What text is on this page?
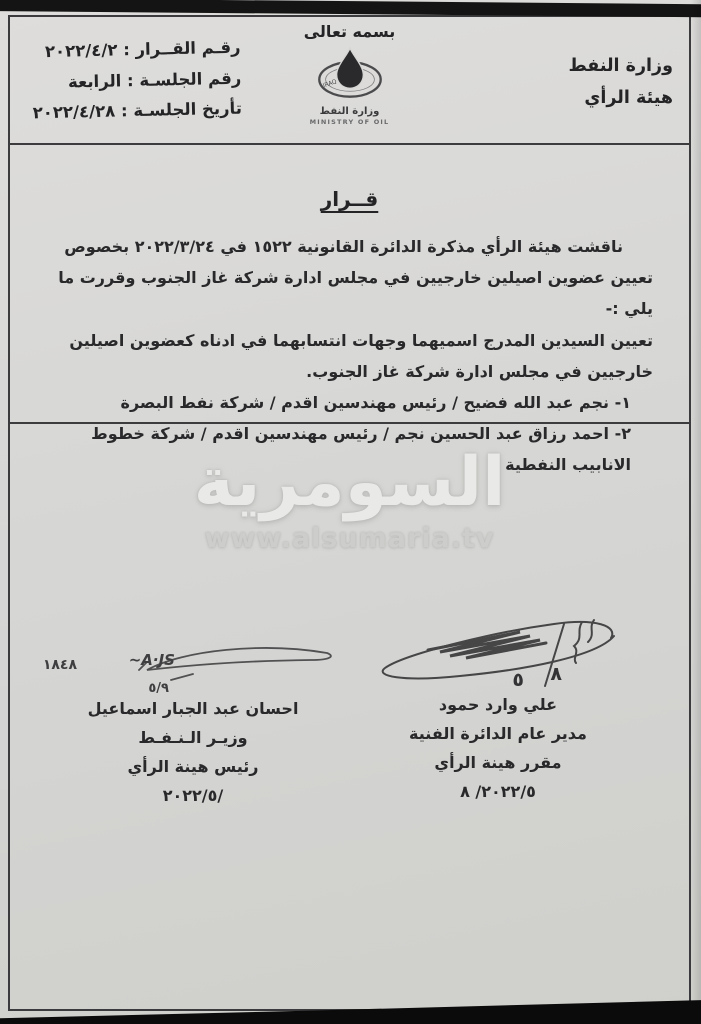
بسمه تعالى
IRAQ
وزارة النفط
MINISTRY OF OIL
وزارة النفط
هيئة الرأي
رقـم القــرار : ٢٠٢٢/٤/٢
رقم الجلسـة : الرابعة
تأريخ الجلسـة : ٢٠٢٢/٤/٢٨
قــرار

ناقشت هيئة الرأي مذكرة الدائرة القانونية ١٥٢٢ في ٢٠٢٢/٣/٢٤ بخصوص تعيين عضوين اصيلين خارجيين في مجلس ادارة شركة غاز الجنوب وقررت ما يلي :-

تعيين السيدين المدرج اسميهما وجهات انتسابهما في ادناه كعضوين اصيلين خارجيين في مجلس ادارة شركة غاز الجنوب.

١- نجم عبد الله فضيح / رئيس مهندسين اقدم / شركة نفط البصرة

٢- احمد رزاق عبد الحسين نجم / رئيس مهندسين اقدم / شركة خطوط الانابيب النفطية

السومرية
www.alsumaria.tv
٥ ٨
علي وارد حمود
مدير عام الدائرة الفنية
مقرر هينة الرأي
٢٠٢٢/٥/ ٨
A·JS~
١٨٤٨
٥/٩
احسان عبد الجبار اسماعيل
وزيـر الـنـفـط
رئيس هينة الرأي
٢٠٢٢/٥/
